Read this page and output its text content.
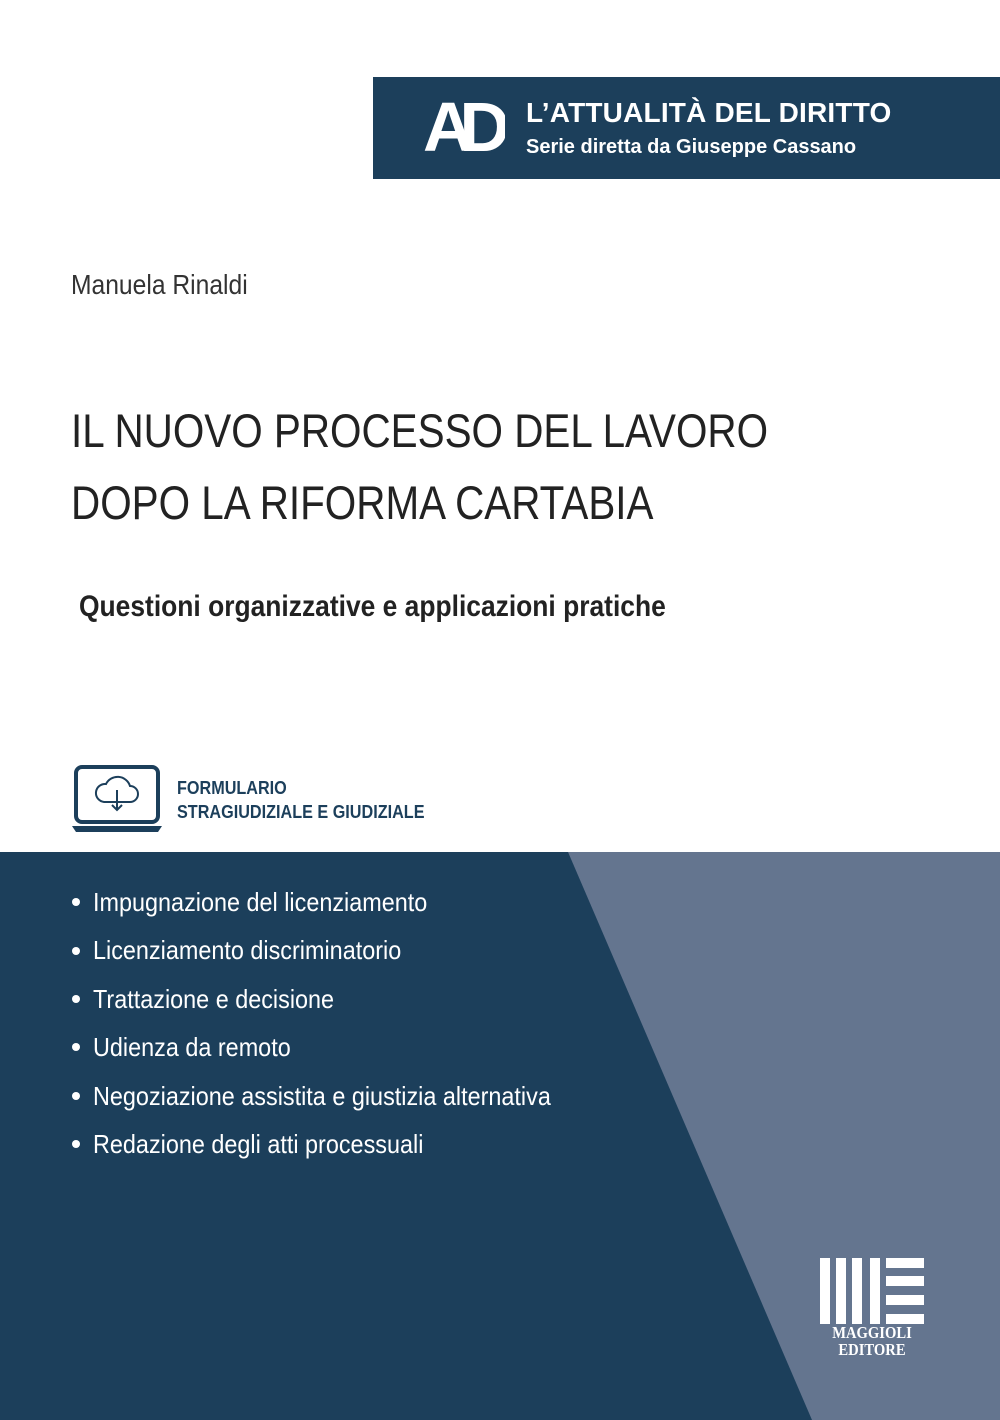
AD	L’ATTUALITÀ DEL DIRITTO
Serie diretta da Giuseppe Cassano
Manuela Rinaldi
IL NUOVO PROCESSO DEL LAVORO
DOPO LA RIFORMA CARTABIA
Questioni organizzative e applicazioni pratiche
FORMULARIO
STRAGIUDIZIALE E GIUDIZIALE
Impugnazione del licenziamento
Licenziamento discriminatorio
Trattazione e decisione
Udienza da remoto
Negoziazione assistita e giustizia alternativa
Redazione degli atti processuali
MAGGIOLI
EDITORE
